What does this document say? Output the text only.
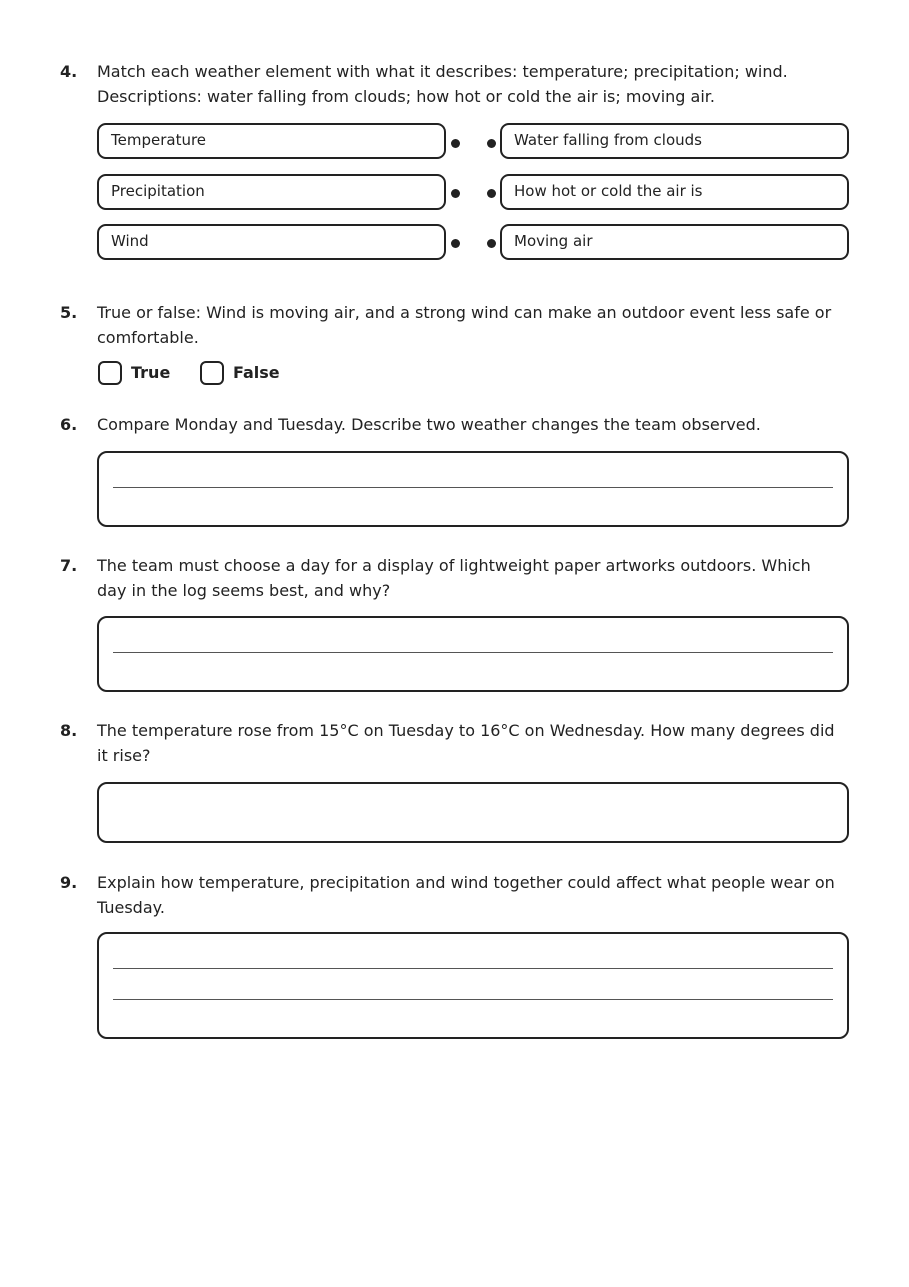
4. Match each weather element with what it describes: temperature; precipitation; wind.
Descriptions: water falling from clouds; how hot or cold the air is; moving air.
Temperature
Precipitation
Wind
Water falling from clouds
How hot or cold the air is
Moving air
5. True or false: Wind is moving air, and a strong wind can make an outdoor event less safe or comfortable.
True	False
6. Compare Monday and Tuesday. Describe two weather changes the team observed.
7. The team must choose a day for a display of lightweight paper artworks outdoors. Which day in the log seems best, and why?
8. The temperature rose from 15°C on Tuesday to 16°C on Wednesday. How many degrees did it rise?
9. Explain how temperature, precipitation and wind together could affect what people wear on Tuesday.
